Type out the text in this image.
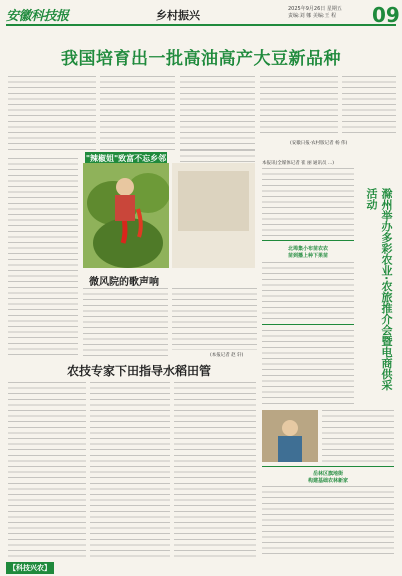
安徽科技报	乡村振兴	2025年9月26日 星期五
责编:刘 娜 美编:王 程 09
我国培育出一批高油高产大豆新品种
"辣椒姐"致富不忘乡邻
微风院的歌声响
(本报记者 赵 轩)
农技专家下田指导水稻田管
本报讯(全媒体记者 崔 丽 通讯员 ...)
滁州举办多彩农业·农旅推介会暨电商供采活动
北埠集小布苗农农
苗到播上种下果苗
岳林区旗地街
构建基础农林新家
(安徽日报·农村版记者 杨 伟)
【科技兴农】
